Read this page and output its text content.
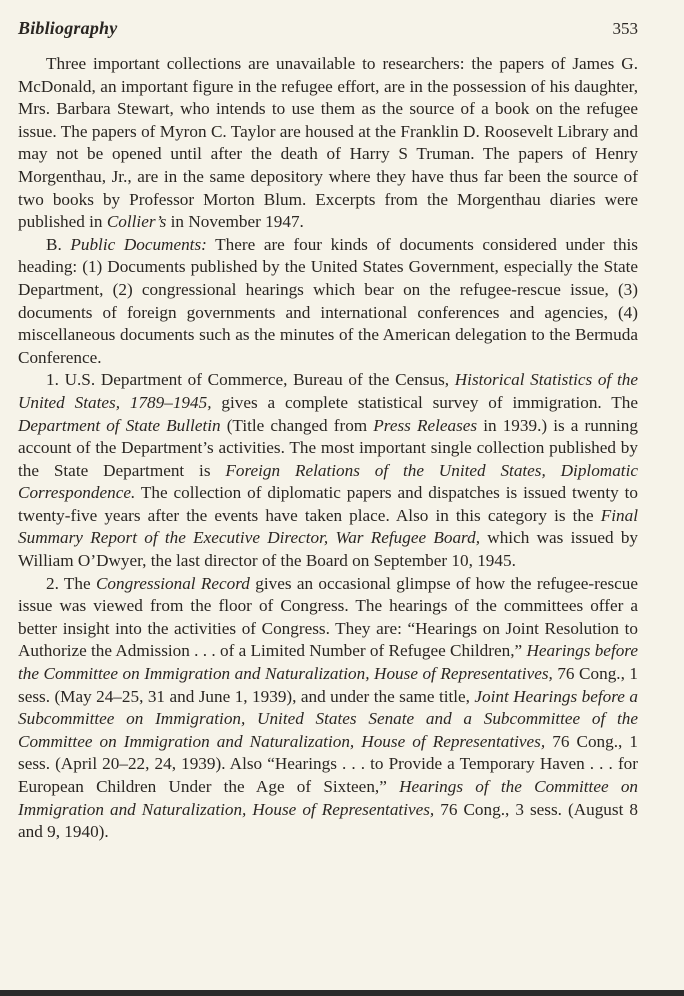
Bibliography	353

Three important collections are unavailable to researchers: the papers of James G. McDonald, an important figure in the refugee effort, are in the possession of his daughter, Mrs. Barbara Stewart, who intends to use them as the source of a book on the refugee issue. The papers of Myron C. Taylor are housed at the Franklin D. Roosevelt Library and may not be opened until after the death of Harry S Truman. The papers of Henry Morgenthau, Jr., are in the same depository where they have thus far been the source of two books by Professor Morton Blum. Excerpts from the Morgenthau diaries were published in Collier’s in November 1947.

B. Public Documents: There are four kinds of documents considered under this heading: (1) Documents published by the United States Government, especially the State Department, (2) congressional hearings which bear on the refugee-rescue issue, (3) documents of foreign governments and international conferences and agencies, (4) miscellaneous documents such as the minutes of the American delegation to the Bermuda Conference.

1. U.S. Department of Commerce, Bureau of the Census, Historical Statistics of the United States, 1789–1945, gives a complete statistical survey of immigration. The Department of State Bulletin (Title changed from Press Releases in 1939.) is a running account of the Department’s activities. The most important single collection published by the State Department is Foreign Relations of the United States, Diplomatic Correspondence. The collection of diplomatic papers and dispatches is issued twenty to twenty-five years after the events have taken place. Also in this category is the Final Summary Report of the Executive Director, War Refugee Board, which was issued by William O’Dwyer, the last director of the Board on September 10, 1945.

2. The Congressional Record gives an occasional glimpse of how the refugee-rescue issue was viewed from the floor of Congress. The hearings of the committees offer a better insight into the activities of Congress. They are: “Hearings on Joint Resolution to Authorize the Admission . . . of a Limited Number of Refugee Children,” Hearings before the Committee on Immigration and Naturalization, House of Representatives, 76 Cong., 1 sess. (May 24–25, 31 and June 1, 1939), and under the same title, Joint Hearings before a Subcommittee on Immigration, United States Senate and a Subcommittee of the Committee on Immigration and Naturalization, House of Representatives, 76 Cong., 1 sess. (April 20–22, 24, 1939). Also “Hearings . . . to Provide a Temporary Haven . . . for European Children Under the Age of Sixteen,” Hearings of the Committee on Immigration and Naturalization, House of Representatives, 76 Cong., 3 sess. (August 8 and 9, 1940).
